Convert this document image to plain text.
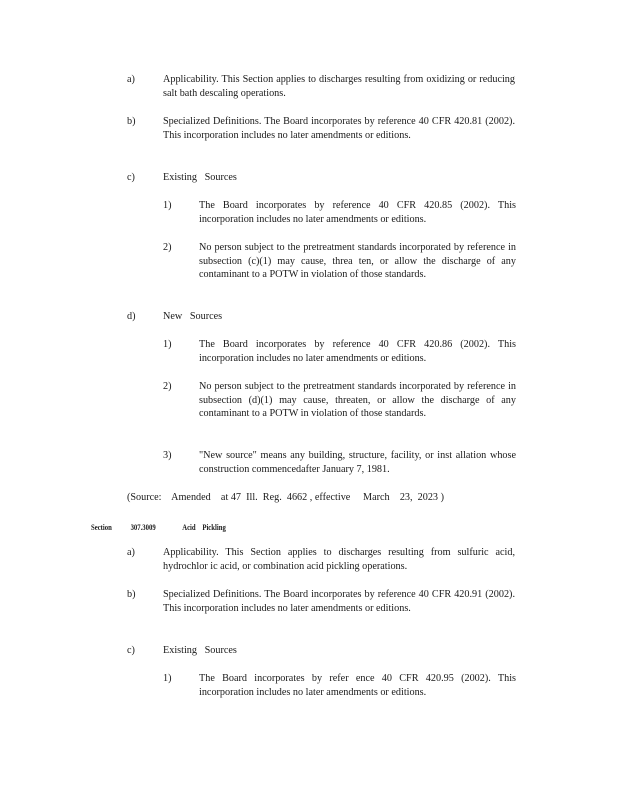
a)	Applicability. This Section applies to discharges resulting from oxidizing or reducing salt bath descaling operations.
b)	Specialized Definitions. The Board incorporates by reference 40 CFR 420.81 (2002). This incorporation includes no later amendments or editions.
c)	Existing   Sources
1)	The Board incorporates by reference 40 CFR 420.85 (2002). This incorporation includes no later amendments or editions.
2)	No person subject to the pretreatment standards incorporated by reference in subsection (c)(1) may cause, threa ten, or allow the discharge of any contaminant to a POTW in violation of those standards.
d)	New   Sources
1)	The Board incorporates by reference 40 CFR 420.86 (2002). This incorporation includes no later amendments or editions.
2)	No person subject to the pretreatment standards incorporated by reference in subsection (d)(1) may cause, threaten, or allow the discharge of any contaminant to a POTW in violation of those standards.
3)	"New source" means any building, structure, facility, or inst allation whose construction commencedafter January 7, 1981.
(Source:    Amended    at 47  Ill.  Reg.  4662 , effective     March    23,  2023 )
Section 307.3009	Acid    Pickling
a)	Applicability. This Section applies to discharges resulting from sulfuric acid, hydrochlor ic acid, or combination acid pickling operations.
b)	Specialized Definitions. The Board incorporates by reference 40 CFR 420.91 (2002). This incorporation includes no later amendments or editions.
c)	Existing   Sources
1)	The Board incorporates by refer ence 40 CFR 420.95 (2002). This incorporation includes no later amendments or editions.
